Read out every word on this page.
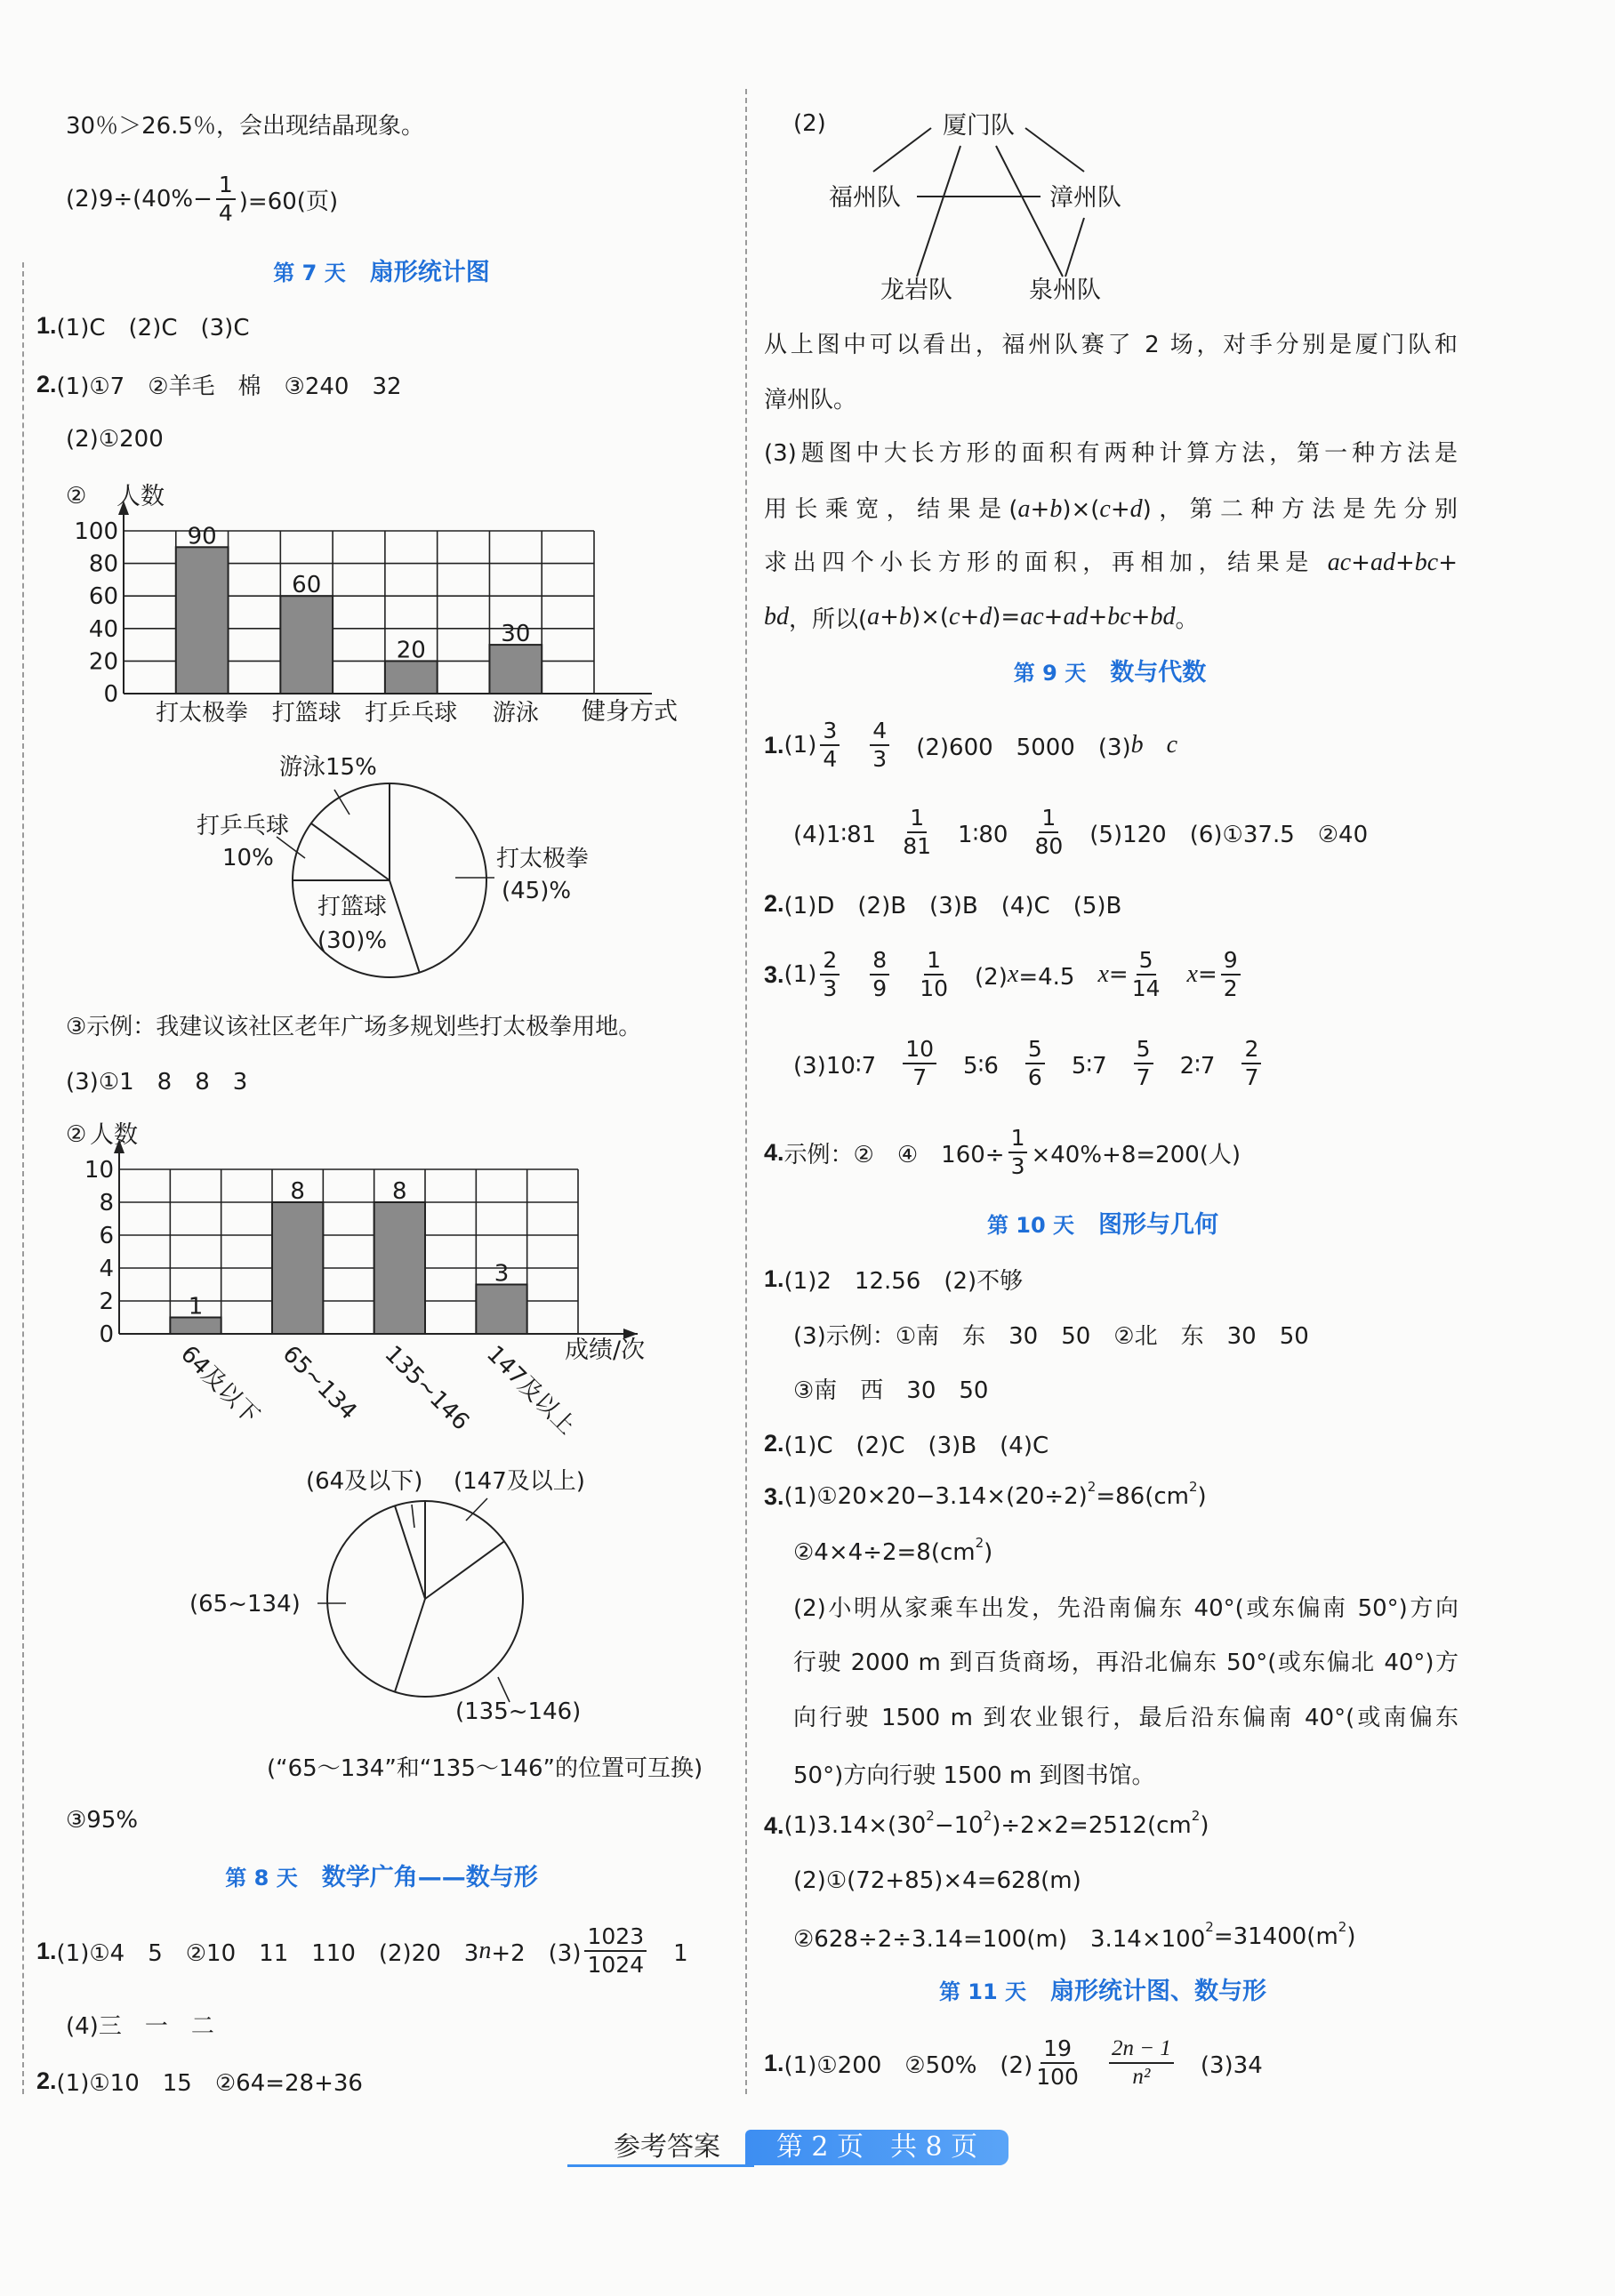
0
20
40
60
80
100	90
打太极拳
60
打篮球
20
打乒乓球
30
游泳
人数
健身方式
游泳15%
打乒乓球
10%	打太极拳
(45)%
打篮球
(30)%
0
2
4
6
8
10
1
64及以下
8
65~134
8
135~146
3
147及以上
人数
成绩/次
(64及以下) (147及以上)
(65~134)
(135~146)
厦门队
福州队	漳州队
龙岩队	泉州队
30％＞26.5％，会出现结晶现象。
$(2)9\div(40\%- \frac{1}{4} )=60$(页)
第 7 天　 扇形统计图
1. (1)C　(2)C　(3)C
2. (1)①7　②羊毛　棉　③240　32
(2)①200
②
③示例：我建议该社区老年广场多规划些打太极拳用地。
(3)①1　8　8　3
②
(“65～134”和“135～146”的位置可互换)
③95%
第 8 天　 数学广角——数与形
1. (1)①4　5　②10　11　110　(2)20　3 n +2　$(3) \frac{1023}{1024}$ 　1
(4)三　一　二
2. (1)①10　15　②64=28+36
(2)
从上图中可以看出，福州队赛了 2 场，对手分别是厦门队和
漳州队。
(3)题图中大长方形的面积有两种计算方法，第一种方法是
用长乘宽，结果是(a+b)×(c+d)，第二种方法是先分别
求出四个小长方形的面积，再相加，结果是 ac+ad+bc+
bd ，所以( a + b )×( c + d )= ac + ad + bc + bd 。
第 9 天　 数与代数
1. $(1) \frac{3}{4}$
　 $\frac{4}{3}$ 　(2)600　5000　(3) b
　 c
(4)1∶81　 $\frac{1}{81}$ 　1∶80　 $\frac{1}{80}$ 　(5)120　(6)①37.5　②40
2. (1)D　(2)B　(3)B　(4)C　(5)B
3. $(1) \frac{2}{3}$
　 $\frac{8}{9}$
　 $\frac{1}{10}$ 　(2) x =4.5　 $x = \frac{5}{14}$
　 $x = \frac{9}{2}$
(3)10∶7　 $\frac{10}{7}$ 　5∶6　 $\frac{5}{6}$ 　5∶7　 $\frac{5}{7}$ 　2∶7　 $\frac{2}{7}$
4. 示例：②　④　$160\div \frac{1}{3} \times 40\%+8=200$(人)
第 10 天　 图形与几何
1. (1)2　12.56　(2)不够
(3)示例：①南　东　30　50　②北　东　30　50
③南　西　30　50
2. (1)C　(2)C　(3)B　(4)C
3. (1)①20×20−3.14×(20÷2) 2 =86(cm 2 )
②4×4÷2=8(cm 2 )
(2)小明从家乘车出发，先沿南偏东 40°(或东偏南 50°)方向
行驶 2000 m 到百货商场，再沿北偏东 50°(或东偏北 40°)方
向行驶 1500 m 到农业银行，最后沿东偏南 40°(或南偏东
50°)方向行驶 1500 m 到图书馆。
4. (1)3.14×(30 2 −10 2 )÷2×2=2512(cm 2 )
(2)①(72+85)×4=628(m)
②628÷2÷3.14=100(m)　3.14×100 2 =31400(m 2 )
第 11 天　 扇形统计图、数与形
1. (1)①200　②50%　$(2) \frac{19}{100}$
　 $\frac{2n - 1}{\text{n²}}$ 　(3)34
参考答案	第 2 页　共 8 页
